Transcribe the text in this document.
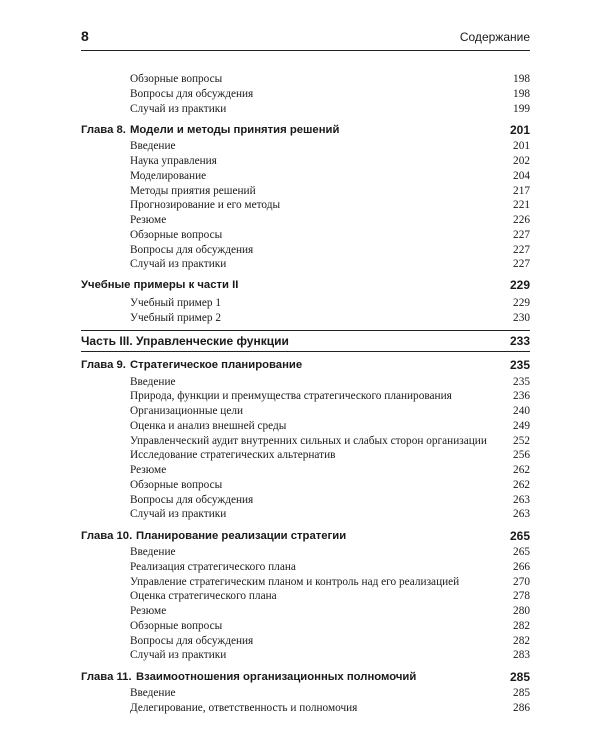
8	Содержание
Обзорные вопросы	198
Вопросы для обсуждения	198
Случай из практики	199
Глава 8. Модели и методы принятия решений	201
Введение	201
Наука управления	202
Моделирование	204
Методы приятия решений	217
Прогнозирование и его методы	221
Резюме	226
Обзорные вопросы	227
Вопросы для обсуждения	227
Случай из практики	227
Учебные примеры к части II	229
Учебный пример 1	229
Учебный пример 2	230
Часть III. Управленческие функции	233
Глава 9. Стратегическое планирование	235
Введение	235
Природа, функции и преимущества стратегического планирования	236
Организационные цели	240
Оценка и анализ внешней среды	249
Управленческий аудит внутренних сильных и слабых сторон организации 252
Исследование стратегических альтернатив	256
Резюме	262
Обзорные вопросы	262
Вопросы для обсуждения	263
Случай из практики	263
Глава 10. Планирование реализации стратегии	265
Введение	265
Реализация стратегического плана	266
Управление стратегическим планом и контроль над его реализацией	270
Оценка стратегического плана	278
Резюме	280
Обзорные вопросы	282
Вопросы для обсуждения	282
Случай из практики	283
Глава 11. Взаимоотношения организационных полномочий	285
Введение	285
Делегирование, ответственность и полномочия	286
